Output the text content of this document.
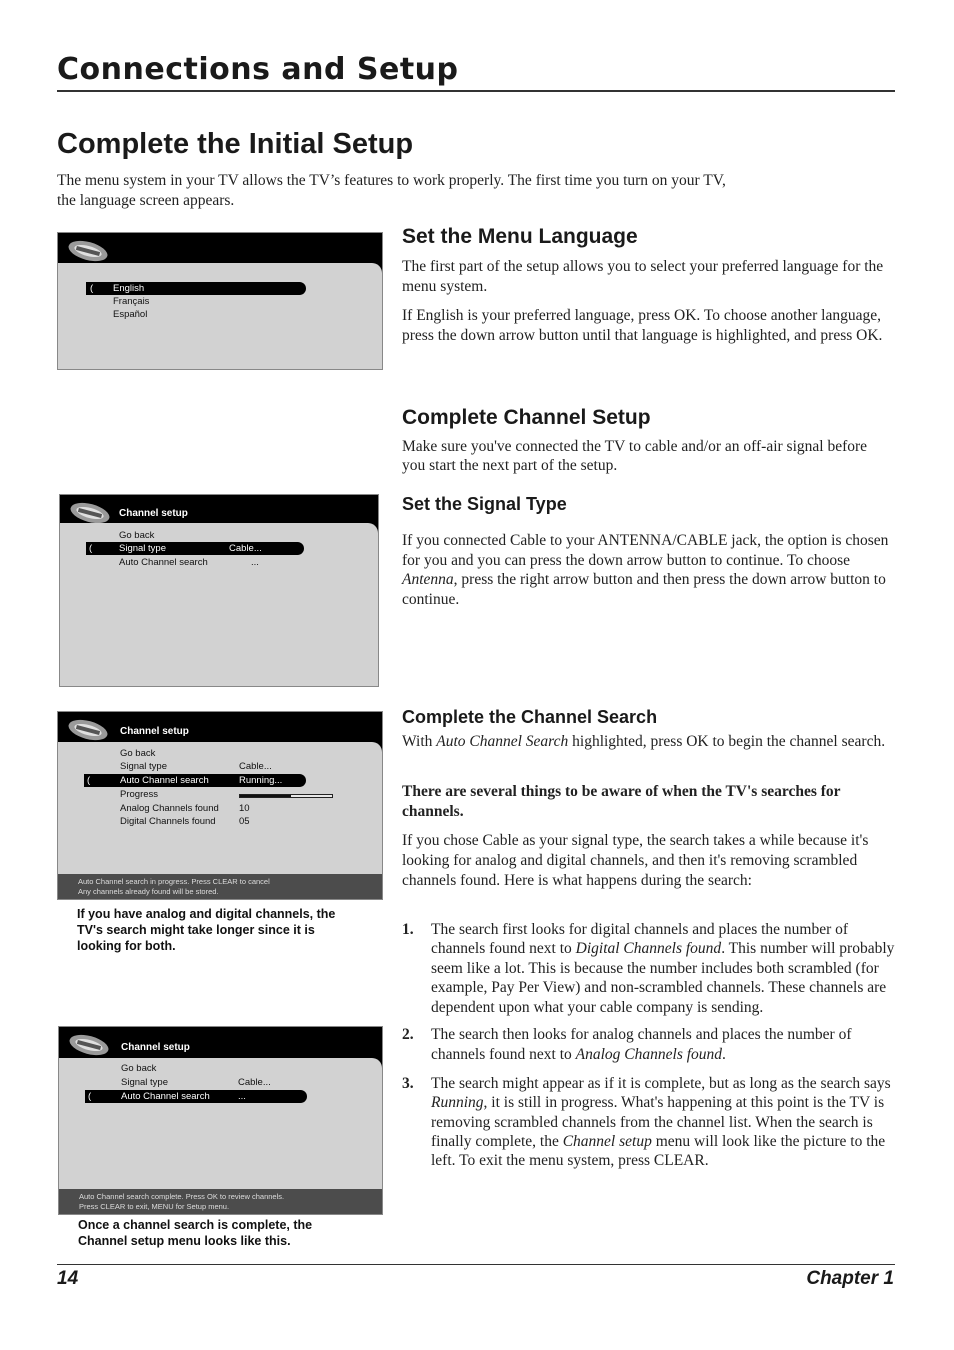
Connections and Setup
Complete the Initial Setup

The menu system in your TV allows the TV’s features to work properly. The first time you turn on your TV, the language screen appears.

( English
Français
Español
Set the Menu Language

The first part of the setup allows you to select your preferred language for the menu system.

If English is your preferred language, press OK. To choose another language, press the down arrow button until that language is highlighted, and press OK.

Complete Channel Setup

Make sure you've connected the TV to cable and/or an off-air signal before you start the next part of the setup.

Channel setup
Go back
(	Signal type	Cable...
Auto Channel search	...
Set the Signal Type

If you connected Cable to your ANTENNA/CABLE jack, the option is chosen for you and you can press the down arrow button to continue. To choose Antenna, press the right arrow button and then press the down arrow button to continue.

Channel setup
Go back
Signal type	Cable...
(	Auto Channel search	Running...
Progress
Analog Channels found 10
Digital Channels found 05
Auto Channel search in progress. Press CLEAR to cancel
Any channels already found will be stored.

If you have analog and digital channels, the TV's search might take longer since it is looking for both.

Channel setup
Go back
Signal type	Cable...
(	Auto Channel search	...
Auto Channel search complete. Press OK to review channels.
Press CLEAR to exit, MENU for Setup menu.

Once a channel search is complete, the Channel setup menu looks like this.

Complete the Channel Search

With Auto Channel Search highlighted, press OK to begin the channel search.

There are several things to be aware of when the TV's searches for channels.

If you chose Cable as your signal type, the search takes a while because it's looking for analog and digital channels, and then it's removing scrambled channels found. Here is what happens during the search:

1. The search first looks for digital channels and places the number of channels found next to Digital Channels found. This number will probably seem like a lot. This is because the number includes both scrambled (for example, Pay Per View) and non-scrambled channels. These channels are dependent upon what your cable company is sending.
2. The search then looks for analog channels and places the number of channels found next to Analog Channels found.
3. The search might appear as if it is complete, but as long as the search says Running, it is still in progress. What's happening at this point is the TV is removing scrambled channels from the channel list. When the search is finally complete, the Channel setup menu will look like the picture to the left. To exit the menu system, press CLEAR.
14	Chapter 1
